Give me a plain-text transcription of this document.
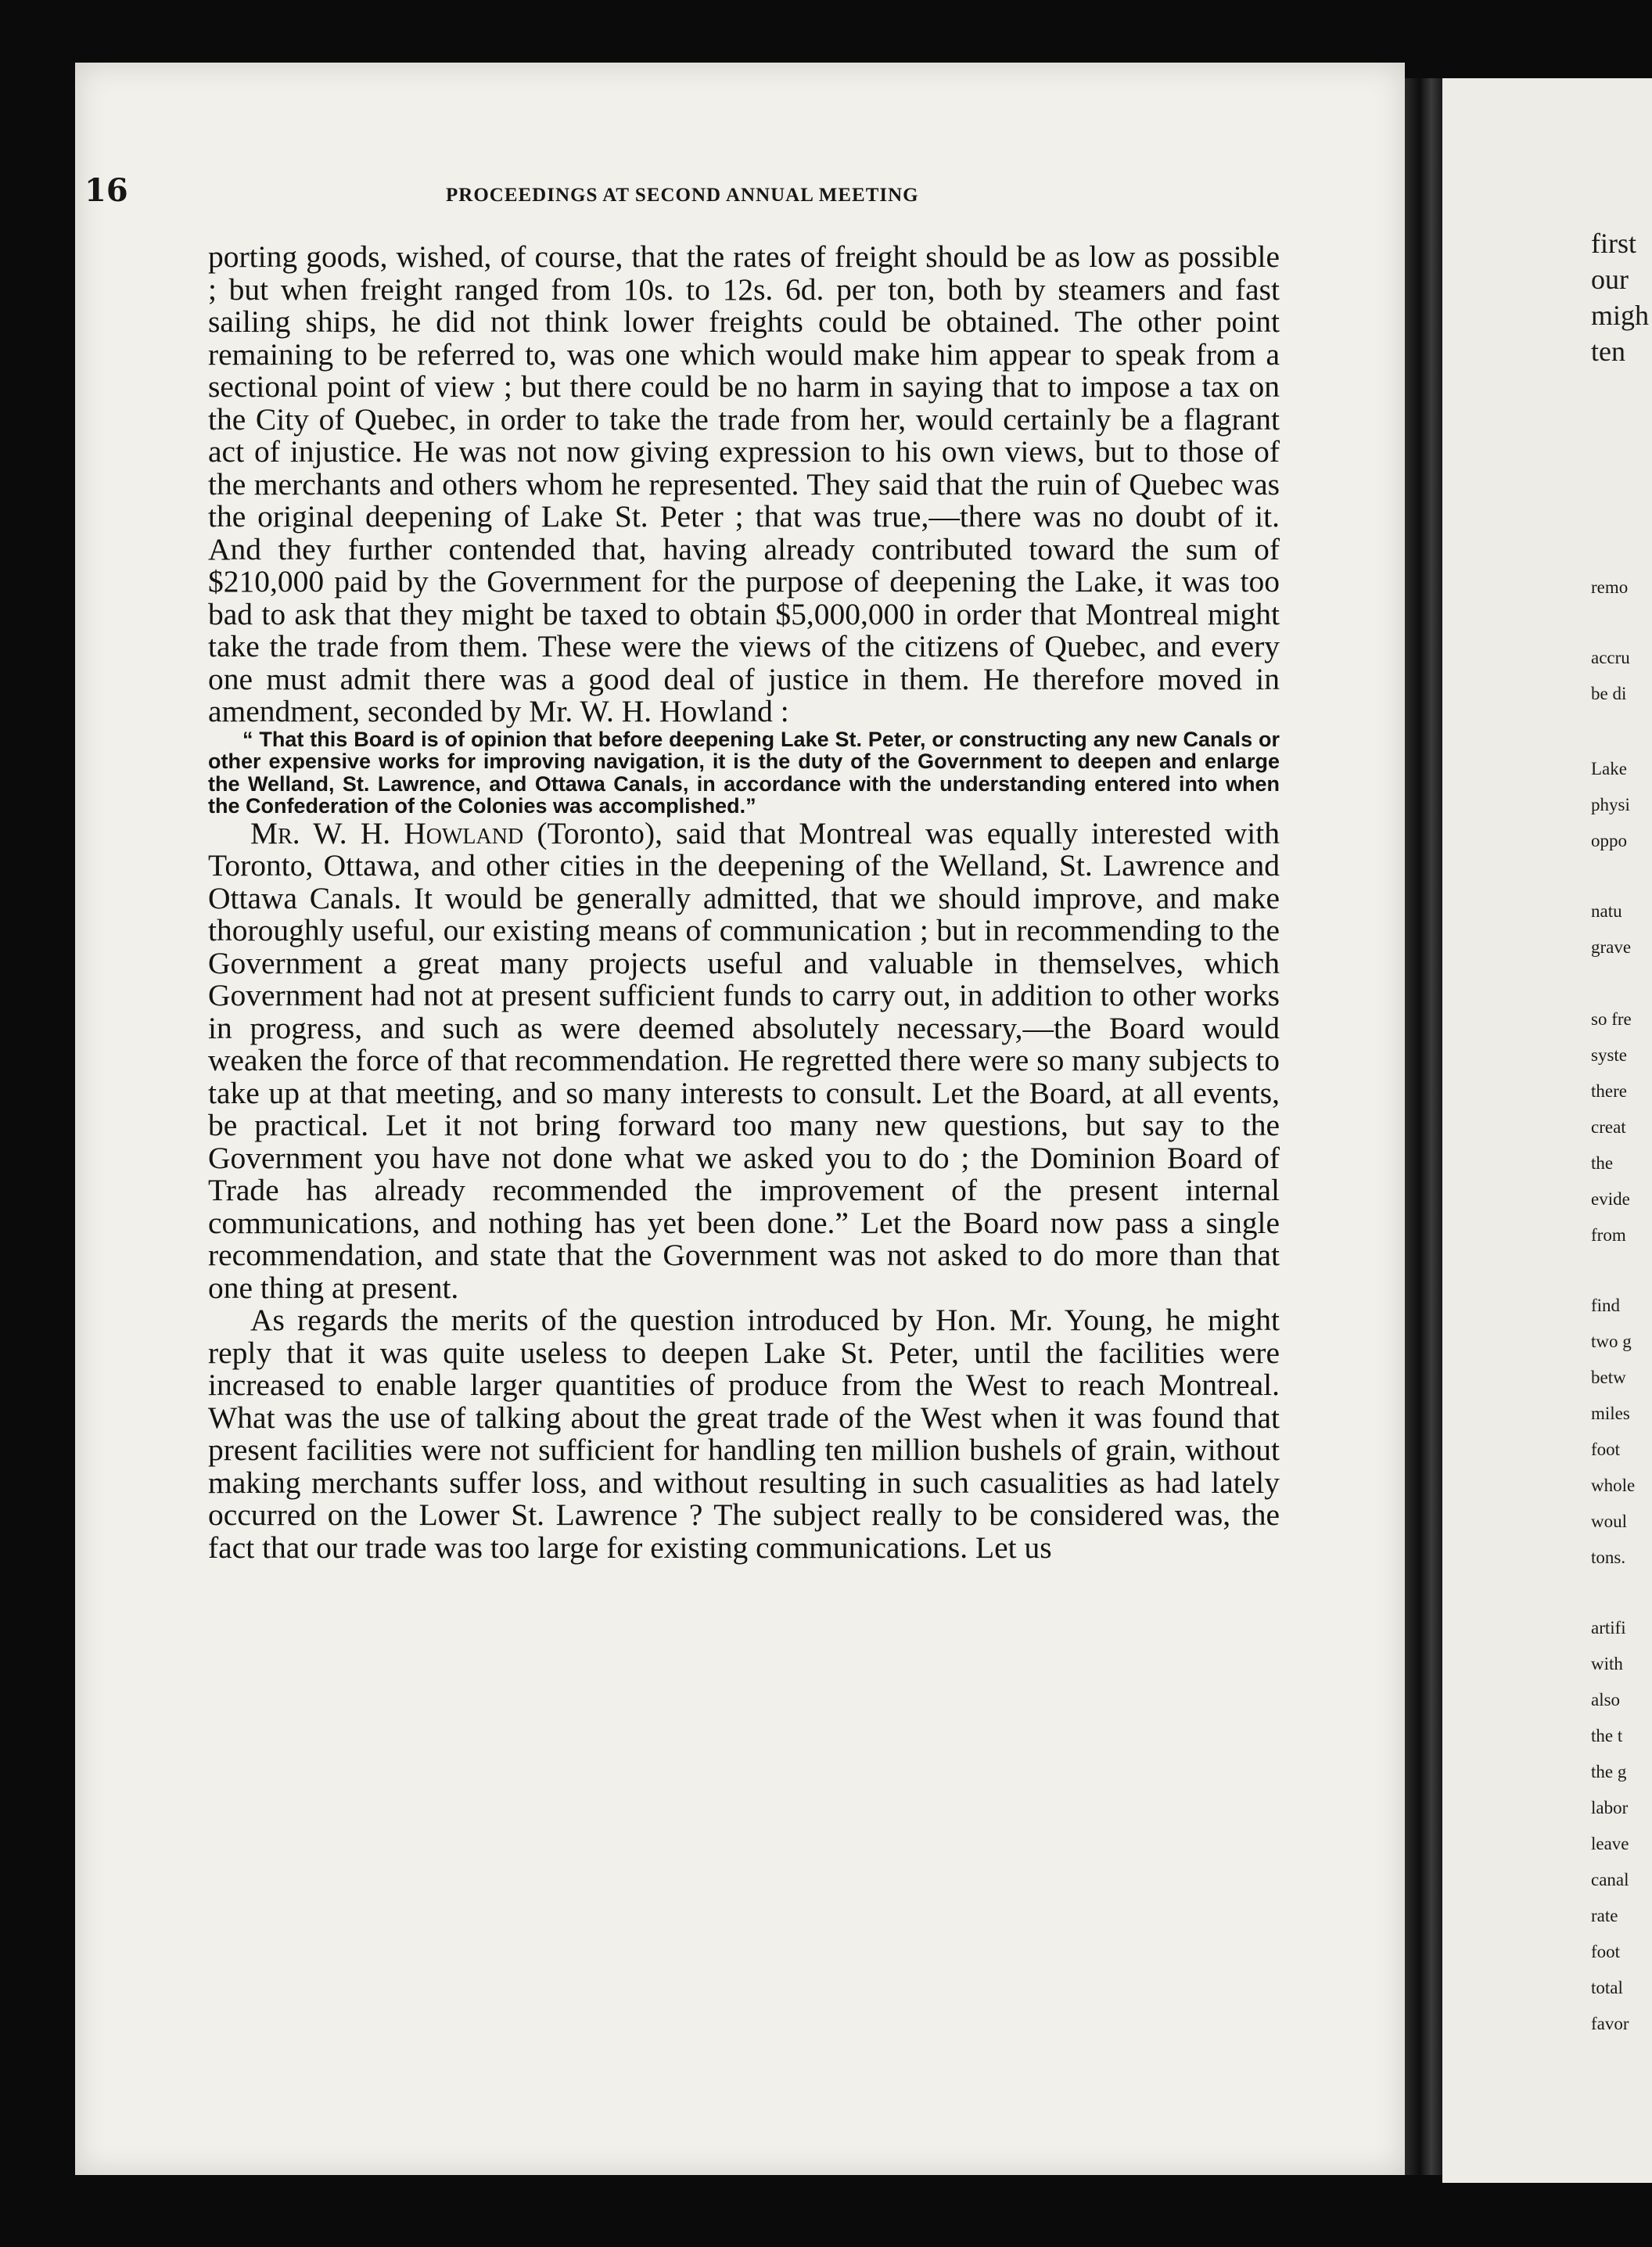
first
our
migh
ten
remo
accru
be di
Lake
physi
oppo
natu
grave
so fre
syste
there
creat
the
evide
from
find
two g
betw
miles
foot
whole
woul
tons.
artifi
with
also
the t
the g
labor
leave
canal
rate
foot
total
favor
16	PROCEEDINGS AT SECOND ANNUAL MEETING

porting goods, wished, of course, that the rates of freight should be as low as possible ; but when freight ranged from 10s. to 12s. 6d. per ton, both by steamers and fast sailing ships, he did not think lower freights could be obtained. The other point remaining to be referred to, was one which would make him appear to speak from a sectional point of view ; but there could be no harm in saying that to impose a tax on the City of Quebec, in order to take the trade from her, would certainly be a flagrant act of injustice. He was not now giving expression to his own views, but to those of the merchants and others whom he represented. They said that the ruin of Quebec was the original deepening of Lake St. Peter ; that was true,—there was no doubt of it. And they further contended that, having already contributed toward the sum of $210,000 paid by the Government for the purpose of deepening the Lake, it was too bad to ask that they might be taxed to obtain $5,000,000 in order that Montreal might take the trade from them. These were the views of the citizens of Quebec, and every one must admit there was a good deal of justice in them. He therefore moved in amendment, seconded by Mr. W. H. Howland :

“ That this Board is of opinion that before deepening Lake St. Peter, or constructing any new Canals or other expensive works for improving navigation, it is the duty of the Government to deepen and enlarge the Welland, St. Lawrence, and Ottawa Canals, in accordance with the understanding entered into when the Confederation of the Colonies was accomplished.”

Mr. W. H. Howland (Toronto), said that Montreal was equally interested with Toronto, Ottawa, and other cities in the deepening of the Welland, St. Lawrence and Ottawa Canals. It would be generally admitted, that we should improve, and make thoroughly useful, our existing means of communication ; but in recommending to the Government a great many projects useful and valuable in themselves, which Government had not at present sufficient funds to carry out, in addition to other works in progress, and such as were deemed absolutely necessary,—the Board would weaken the force of that recommendation. He regretted there were so many subjects to take up at that meeting, and so many interests to consult. Let the Board, at all events, be practical. Let it not bring forward too many new questions, but say to the Government you have not done what we asked you to do ; the Dominion Board of Trade has already recommended the improvement of the present internal communications, and nothing has yet been done.” Let the Board now pass a single recommendation, and state that the Government was not asked to do more than that one thing at present.

As regards the merits of the question introduced by Hon. Mr. Young, he might reply that it was quite useless to deepen Lake St. Peter, until the facilities were increased to enable larger quantities of produce from the West to reach Montreal. What was the use of talking about the great trade of the West when it was found that present facilities were not sufficient for handling ten million bushels of grain, without making merchants suffer loss, and without resulting in such casualities as had lately occurred on the Lower St. Lawrence ? The subject really to be considered was, the fact that our trade was too large for existing communications. Let us
